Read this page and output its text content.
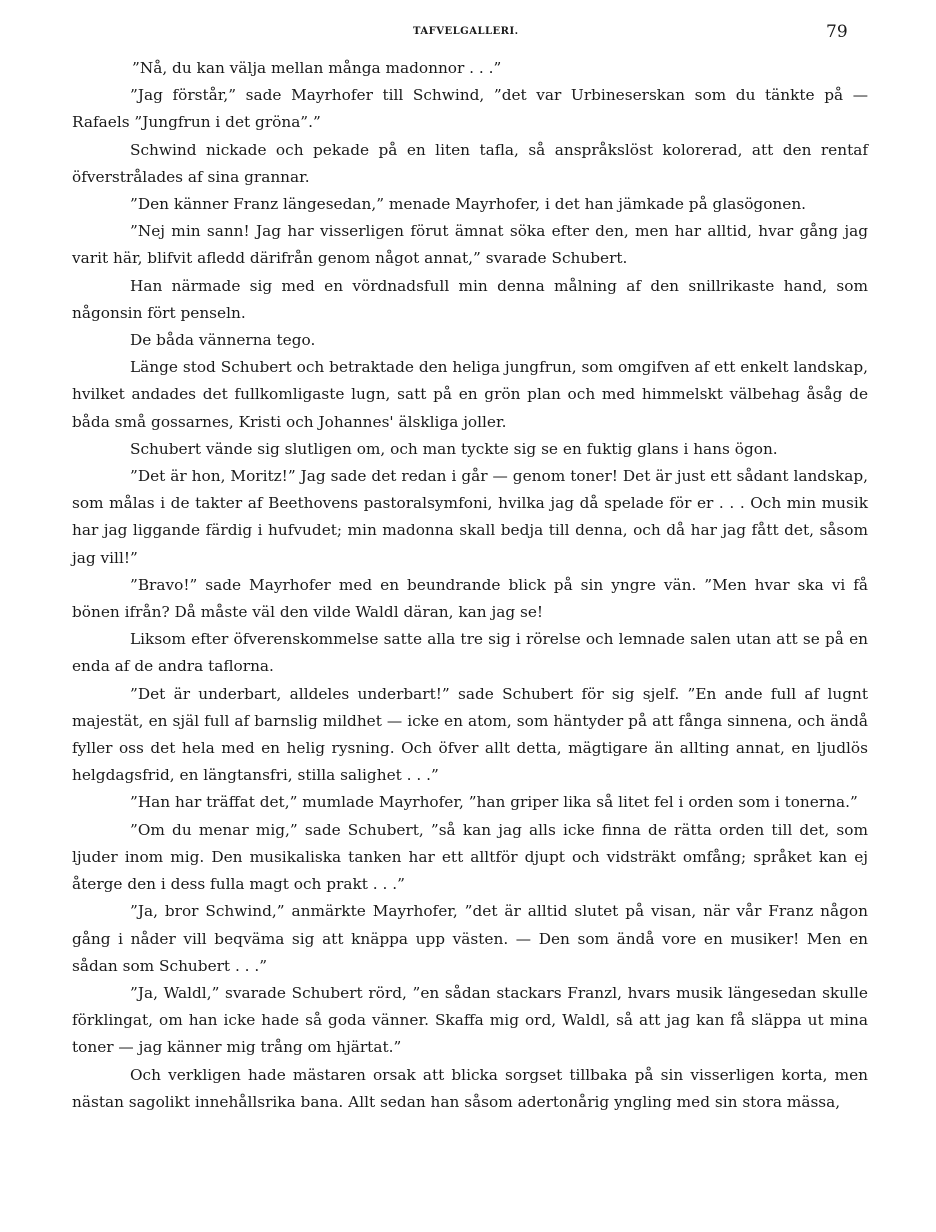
TAFVELGALLERI.	79

”Nå, du kan välja mellan många madonnor . . .”

”Jag förstår,” sade Mayrhofer till Schwind, ”det var Urbineserskan som du tänkte på — Rafaels ”Jungfrun i det gröna”.”

Schwind nickade och pekade på en liten tafla, så anspråkslöst kolorerad, att den rentaf öfverstrålades af sina grannar.

”Den känner Franz längesedan,” menade Mayrhofer, i det han jämkade på glasögonen.

”Nej min sann! Jag har visserligen förut ämnat söka efter den, men har alltid, hvar gång jag varit här, blifvit afledd därifrån genom något annat,” svarade Schubert.

Han närmade sig med en vördnadsfull min denna målning af den snillrikaste hand, som någonsin fört penseln.

De båda vännerna tego.

Länge stod Schubert och betraktade den heliga jungfrun, som omgifven af ett enkelt landskap, hvilket andades det fullkomligaste lugn, satt på en grön plan och med himmelskt välbehag åsåg de båda små gossarnes, Kristi och Johannes' älskliga joller.

Schubert vände sig slutligen om, och man tyckte sig se en fuktig glans i hans ögon.

”Det är hon, Moritz!” Jag sade det redan i går — genom toner! Det är just ett sådant landskap, som målas i de takter af Beethovens pastoralsymfoni, hvilka jag då spelade för er . . . Och min musik har jag liggande färdig i hufvudet; min madonna skall bedja till denna, och då har jag fått det, såsom jag vill!”

”Bravo!” sade Mayrhofer med en beundrande blick på sin yngre vän. ”Men hvar ska vi få bönen ifrån? Då måste väl den vilde Waldl däran, kan jag se!

Liksom efter öfverenskommelse satte alla tre sig i rörelse och lemnade salen utan att se på en enda af de andra taflorna.

”Det är underbart, alldeles underbart!” sade Schubert för sig sjelf. ”En ande full af lugnt majestät, en själ full af barnslig mildhet — icke en atom, som häntyder på att fånga sinnena, och ändå fyller oss det hela med en helig rysning. Och öfver allt detta, mägtigare än allting annat, en ljudlös helgdagsfrid, en längtansfri, stilla salighet . . .”

”Han har träffat det,” mumlade Mayrhofer, ”han griper lika så litet fel i orden som i tonerna.”

”Om du menar mig,” sade Schubert, ”så kan jag alls icke finna de rätta orden till det, som ljuder inom mig. Den musikaliska tanken har ett alltför djupt och vidsträkt omfång; språket kan ej återge den i dess fulla magt och prakt . . .”

”Ja, bror Schwind,” anmärkte Mayrhofer, ”det är alltid slutet på visan, när vår Franz någon gång i nåder vill beqväma sig att knäppa upp västen. — Den som ändå vore en musiker! Men en sådan som Schubert . . .”

”Ja, Waldl,” svarade Schubert rörd, ”en sådan stackars Franzl, hvars musik längesedan skulle förklingat, om han icke hade så goda vänner. Skaffa mig ord, Waldl, så att jag kan få släppa ut mina toner — jag känner mig trång om hjärtat.”

Och verkligen hade mästaren orsak att blicka sorgset tillbaka på sin visserligen korta, men nästan sagolikt innehållsrika bana. Allt sedan han såsom adertonårig yngling med sin stora mässa,
